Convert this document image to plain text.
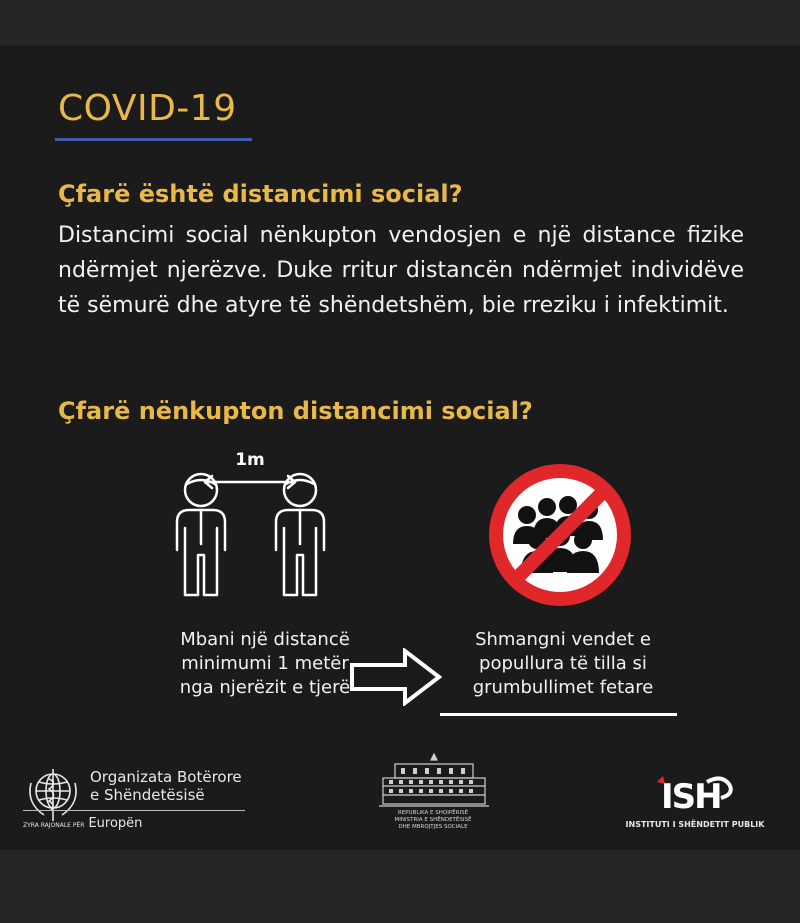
COVID-19
Çfarë është distancimi social?
Distancimi social nënkupton vendosjen e një distance fizike ndërmjet njerëzve. Duke rritur distancën ndërmjet individëve të sëmurë dhe atyre të shëndetshëm, bie rreziku i infektimit.
Çfarë nënkupton distancimi social?
1m
Mbani një distancë
minimumi 1 metër
nga njerëzit e tjerë
Shmangni vendet e
popullura të tilla si
grumbullimet fetare
Organizata Botërore
e Shëndetësisë
ZYRA RAJONALE PËR Europën
REPUBLIKA E SHQIPËRISË
MINISTRIA E SHËNDETËSISË
DHE MBROJTJES SOCIALE
ISH
INSTITUTI I SHËNDETIT PUBLIK
